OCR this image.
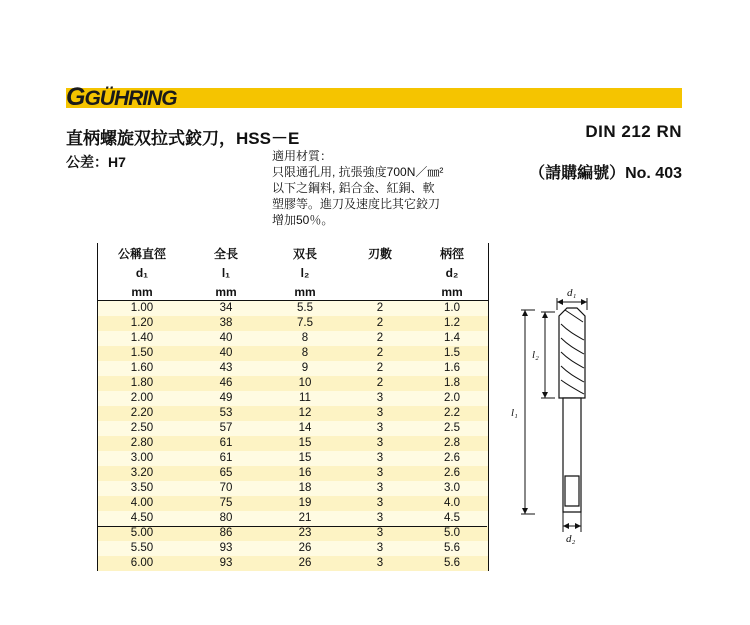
GGÜHRING
直柄螺旋双拉式鉸刀，HSS－E
公差：H7	適用材質：
只限通孔用, 抗張強度700N／㎜²
以下之鋼料, 鋁合金、紅銅、軟
塑膠等。進刀及速度比其它鉸刀
增加50％。
DIN 212 RN
（請購編號）No. 403
公稱直徑	全長	双長	刃數	柄徑
d₁	l₁	l₂		d₂
mm	mm	mm		mm

1.00	34	5.5	2	1.0
1.20	38	7.5	2	1.2
1.40	40	8	2	1.4
1.50	40	8	2	1.5
1.60	43	9	2	1.6
1.80	46	10	2	1.8
2.00	49	11	3	2.0
2.20	53	12	3	2.2
2.50	57	14	3	2.5
2.80	61	15	3	2.8
3.00	61	15	3	2.6
3.20	65	16	3	2.6
3.50	70	18	3	3.0
4.00	75	19	3	4.0
4.50	80	21	3	4.5
5.00	86	23	3	5.0
5.50	93	26	3	5.6
6.00	93	26	3	5.6
d₁
l₂
l₁
d₂
